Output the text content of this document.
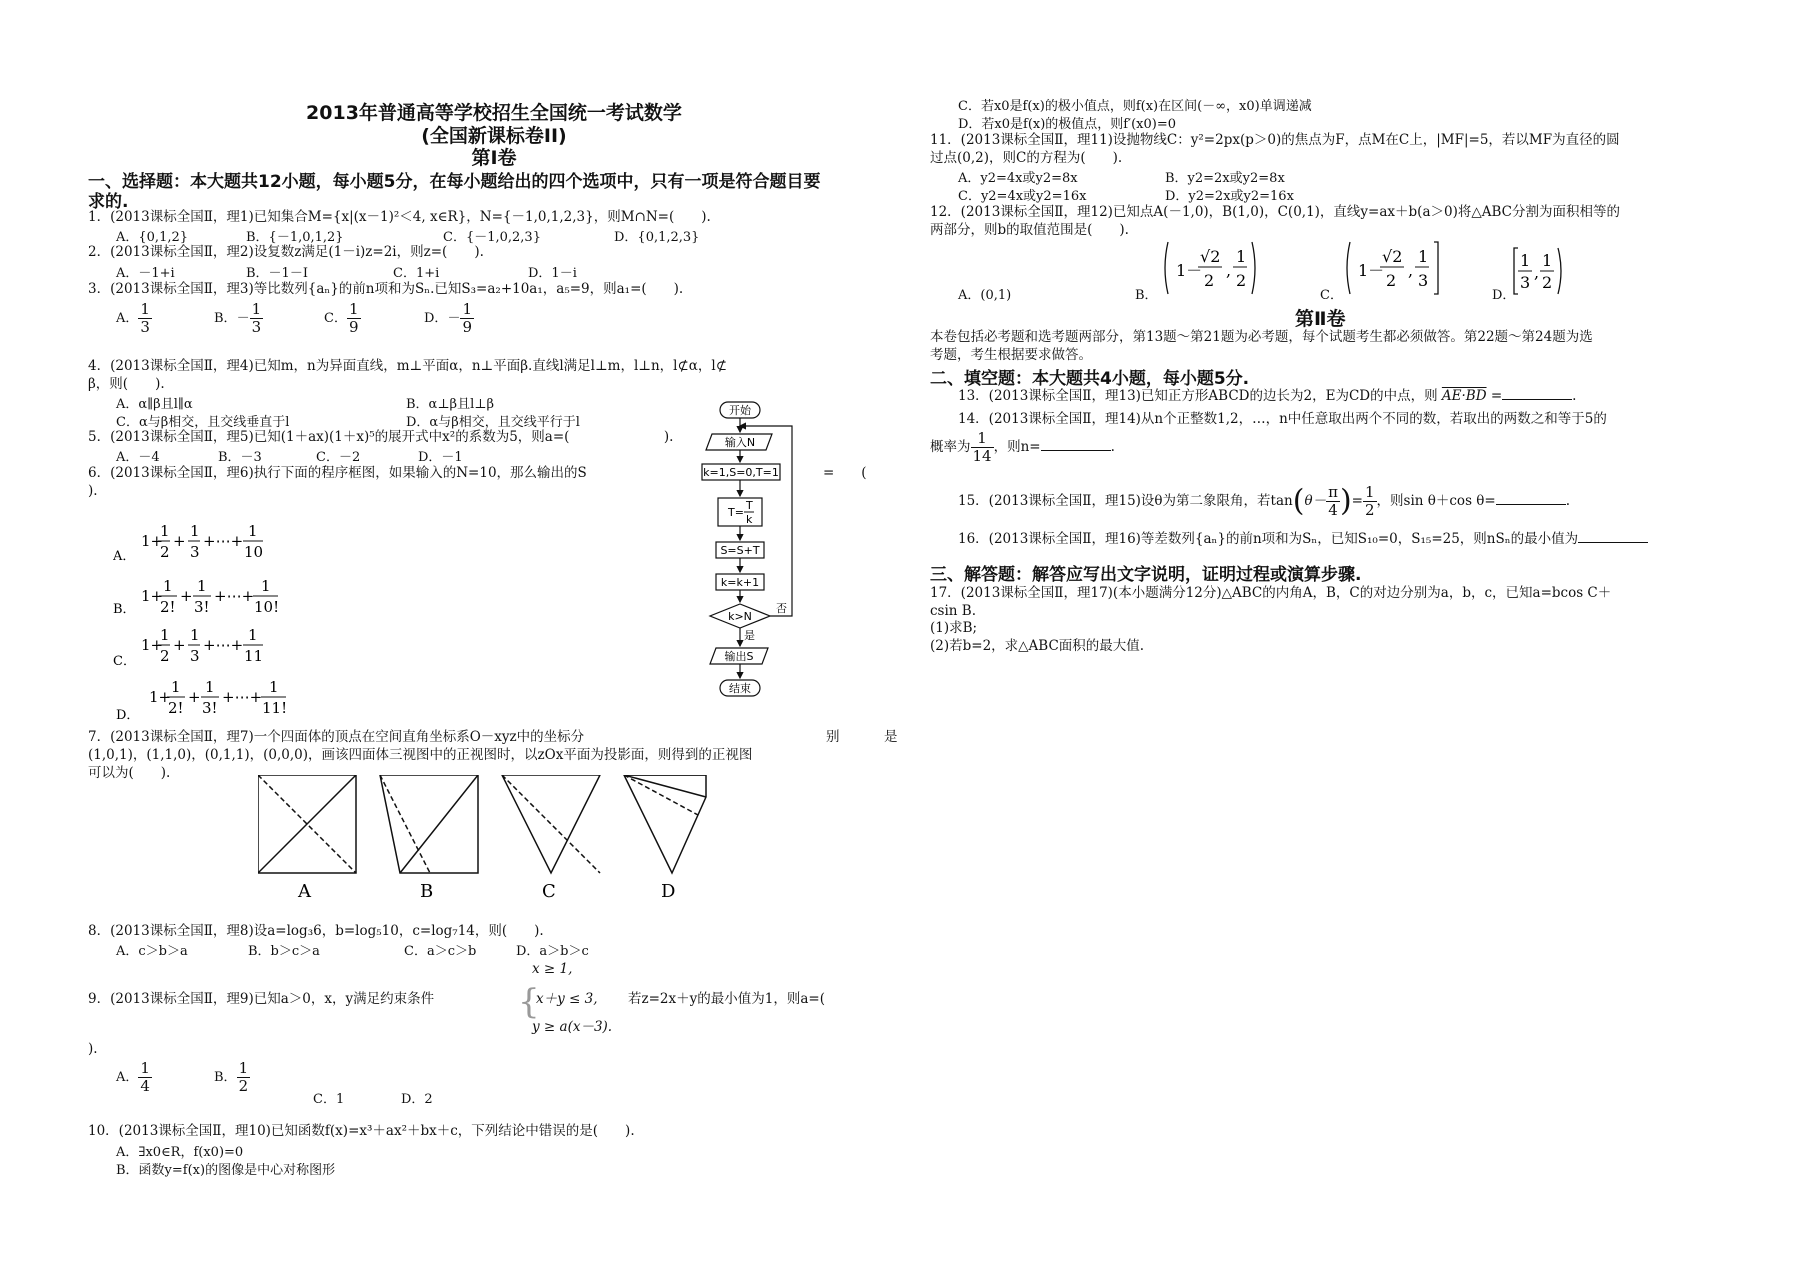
2013年普通高等学校招生全国统一考试数学
(全国新课标卷II)
第Ⅰ卷
一、选择题：本大题共12小题，每小题5分，在每小题给出的四个选项中，只有一项是符合题目要
求的.
1．(2013课标全国Ⅱ，理1)已知集合M={x|(x－1)²＜4, x∈R}，N={－1,0,1,2,3}，则M∩N=(　　).
A．{0,1,2}	B．{－1,0,1,2}	C．{－1,0,2,3}	D．{0,1,2,3}
2．(2013课标全国Ⅱ，理2)设复数z满足(1－i)z=2i，则z=(　　).
A．－1+i	B．－1－I	C．1+i	D．1－i
3．(2013课标全国Ⅱ，理3)等比数列{aₙ}的前n项和为Sₙ.已知S₃=a₂+10a₁，a₅=9，则a₁=(　　).
A． $\frac{1}{3}$	B．－ $\frac{1}{3}$	C． $\frac{1}{9}$	D．－ $\frac{1}{9}$
4．(2013课标全国Ⅱ，理4)已知m，n为异面直线，m⊥平面α，n⊥平面β.直线l满足l⊥m，l⊥n，l⊄α，l⊄
β，则(　　).
A．α∥β且l∥α	B．α⊥β且l⊥β
C．α与β相交，且交线垂直于l	D．α与β相交，且交线平行于l
5．(2013课标全国Ⅱ，理5)已知(1＋ax)(1＋x)⁵的展开式中x²的系数为5，则a=(　　　　　　　).
A．－4	B．－3	C．－2	D．－1
6．(2013课标全国Ⅱ，理6)执行下面的程序框图，如果输入的N=10，那么输出的S	=　　(
).
A．
1+
1
2
+
1
3
+⋯+
1
10
B．
1+
1
2!
+
1
3!
+⋯+
1
10!
C．
1+
1
2
+
1
3
+⋯+
1
11
D．
1+
1
2!
+
1
3!
+⋯+
1
11!
开始
输入N
k=1,S=0,T=1
T=
T
k
S=S+T
k=k+1
k>N
否
是
输出S
结束
7．(2013课标全国Ⅱ，理7)一个四面体的顶点在空间直角坐标系O－xyz中的坐标分	别	是
(1,0,1)，(1,1,0)，(0,1,1)，(0,0,0)，画该四面体三视图中的正视图时，以zOx平面为投影面，则得到的正视图
可以为(　　).
A	B	C	D
8．(2013课标全国Ⅱ，理8)设a=log₃6，b=log₅10，c=log₇14，则(　　).
A．c＞b＞a	B．b＞c＞a	C．a＞c＞b	D．a＞b＞c
x ≥ 1,
9．(2013课标全国Ⅱ，理9)已知a＞0，x，y满足约束条件 {
x＋y ≤ 3, 若z=2x＋y的最小值为1，则a=(
y ≥ a(x－3).
).
A． $\frac{1}{4}$	B． $\frac{1}{2}$
C．1	D．2
10．(2013课标全国Ⅱ，理10)已知函数f(x)=x³＋ax²＋bx＋c，下列结论中错误的是(　　).
A．∃x0∈R，f(x0)=0
B．函数y=f(x)的图像是中心对称图形
C．若x0是f(x)的极小值点，则f(x)在区间(－∞，x0)单调递减
D．若x0是f(x)的极值点，则f′(x0)=0
11．(2013课标全国Ⅱ，理11)设抛物线C：y²=2px(p＞0)的焦点为F，点M在C上，|MF|=5，若以MF为直径的圆
过点(0,2)，则C的方程为(　　).
A．y2=4x或y2=8x	B．y2=2x或y2=8x
C．y2=4x或y2=16x	D．y2=2x或y2=16x
12．(2013课标全国Ⅱ，理12)已知点A(－1,0)，B(1,0)，C(0,1)，直线y=ax＋b(a＞0)将△ABC分割为面积相等的
两部分，则b的取值范围是(　　).
A．(0,1)	B．
1－
√2
2
,
1
2
C．
1－
√2
2
,
1
3
D．
1
3
,
1
2
第Ⅱ卷
本卷包括必考题和选考题两部分，第13题～第21题为必考题，每个试题考生都必须做答。第22题～第24题为选
考题，考生根据要求做答。
二、填空题：本大题共4小题，每小题5分.
13．(2013课标全国Ⅱ，理13)已知正方形ABCD的边长为2，E为CD的中点，则 AE·BD =	.
14．(2013课标全国Ⅱ，理14)从n个正整数1,2，…，n中任意取出两个不同的数，若取出的两数之和等于5的
概率为 $\frac{1}{14}$ ，则n=	.
15．(2013课标全国Ⅱ，理15)设θ为第二象限角，若$\tan(\theta- \frac{\pi}{4}$ )= $\frac{1}{2}$ ，则sin θ＋cos θ=	.
16．(2013课标全国Ⅱ，理16)等差数列{aₙ}的前n项和为Sₙ，已知S₁₀=0，S₁₅=25，则nSₙ的最小值为
三、解答题：解答应写出文字说明，证明过程或演算步骤.
17．(2013课标全国Ⅱ，理17)(本小题满分12分)△ABC的内角A，B，C的对边分别为a，b，c，已知a=bcos C＋
csin B.
(1)求B;
(2)若b=2，求△ABC面积的最大值.
